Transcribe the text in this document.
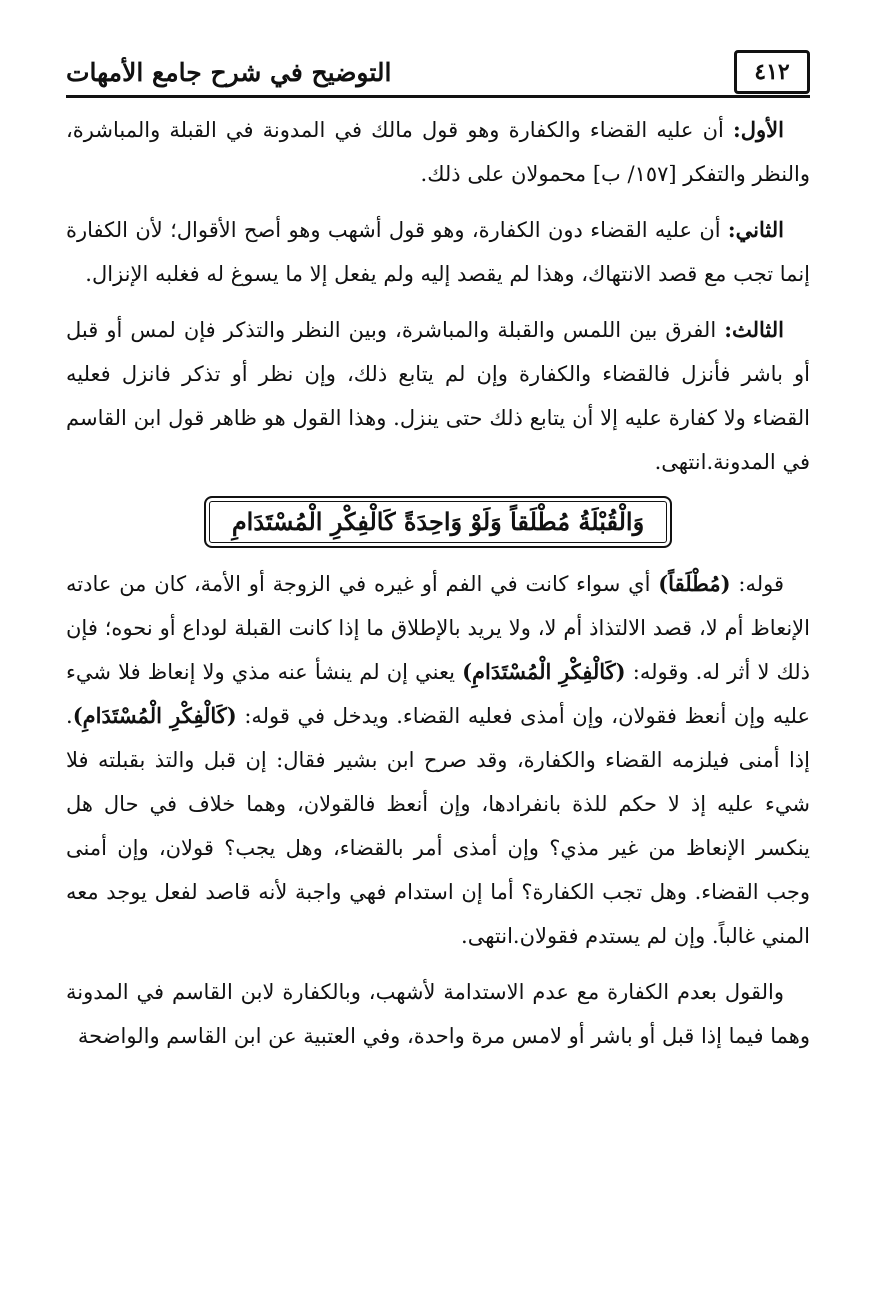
٤١٢
التوضيح في شرح جامع الأمهات

الأول: أن عليه القضاء والكفارة وهو قول مالك في المدونة في القبلة والمباشرة، والنظر والتفكر [١٥٧/ ب] محمولان على ذلك.

الثاني: أن عليه القضاء دون الكفارة، وهو قول أشهب وهو أصح الأقوال؛ لأن الكفارة إنما تجب مع قصد الانتهاك، وهذا لم يقصد إليه ولم يفعل إلا ما يسوغ له فغلبه الإنزال.

الثالث: الفرق بين اللمس والقبلة والمباشرة، وبين النظر والتذكر فإن لمس أو قبل أو باشر فأنزل فالقضاء والكفارة وإن لم يتابع ذلك، وإن نظر أو تذكر فانزل فعليه القضاء ولا كفارة عليه إلا أن يتابع ذلك حتى ينزل. وهذا القول هو ظاهر قول ابن القاسم في المدونة.انتهى.

وَالْقُبْلَةُ مُطْلَقاً وَلَوْ وَاحِدَةً كَالْفِكْرِ الْمُسْتَدَامِ

قوله: (مُطْلَقاً) أي سواء كانت في الفم أو غيره في الزوجة أو الأمة، كان من عادته الإنعاظ أم لا، قصد الالتذاذ أم لا، ولا يريد بالإطلاق ما إذا كانت القبلة لوداع أو نحوه؛ فإن ذلك لا أثر له. وقوله: (كَالْفِكْرِ الْمُسْتَدَامِ) يعني إن لم ينشأ عنه مذي ولا إنعاظ فلا شيء عليه وإن أنعظ فقولان، وإن أمذى فعليه القضاء. ويدخل في قوله: (كَالْفِكْرِ الْمُسْتَدَامِ). إذا أمنى فيلزمه القضاء والكفارة، وقد صرح ابن بشير فقال: إن قبل والتذ بقبلته فلا شيء عليه إذ لا حكم للذة بانفرادها، وإن أنعظ فالقولان، وهما خلاف في حال هل ينكسر الإنعاظ من غير مذي؟ وإن أمذى أمر بالقضاء، وهل يجب؟ قولان، وإن أمنى وجب القضاء. وهل تجب الكفارة؟ أما إن استدام فهي واجبة لأنه قاصد لفعل يوجد معه المني غالباً. وإن لم يستدم فقولان.انتهى.

والقول بعدم الكفارة مع عدم الاستدامة لأشهب، وبالكفارة لابن القاسم في المدونة وهما فيما إذا قبل أو باشر أو لامس مرة واحدة، وفي العتبية عن ابن القاسم والواضحة
